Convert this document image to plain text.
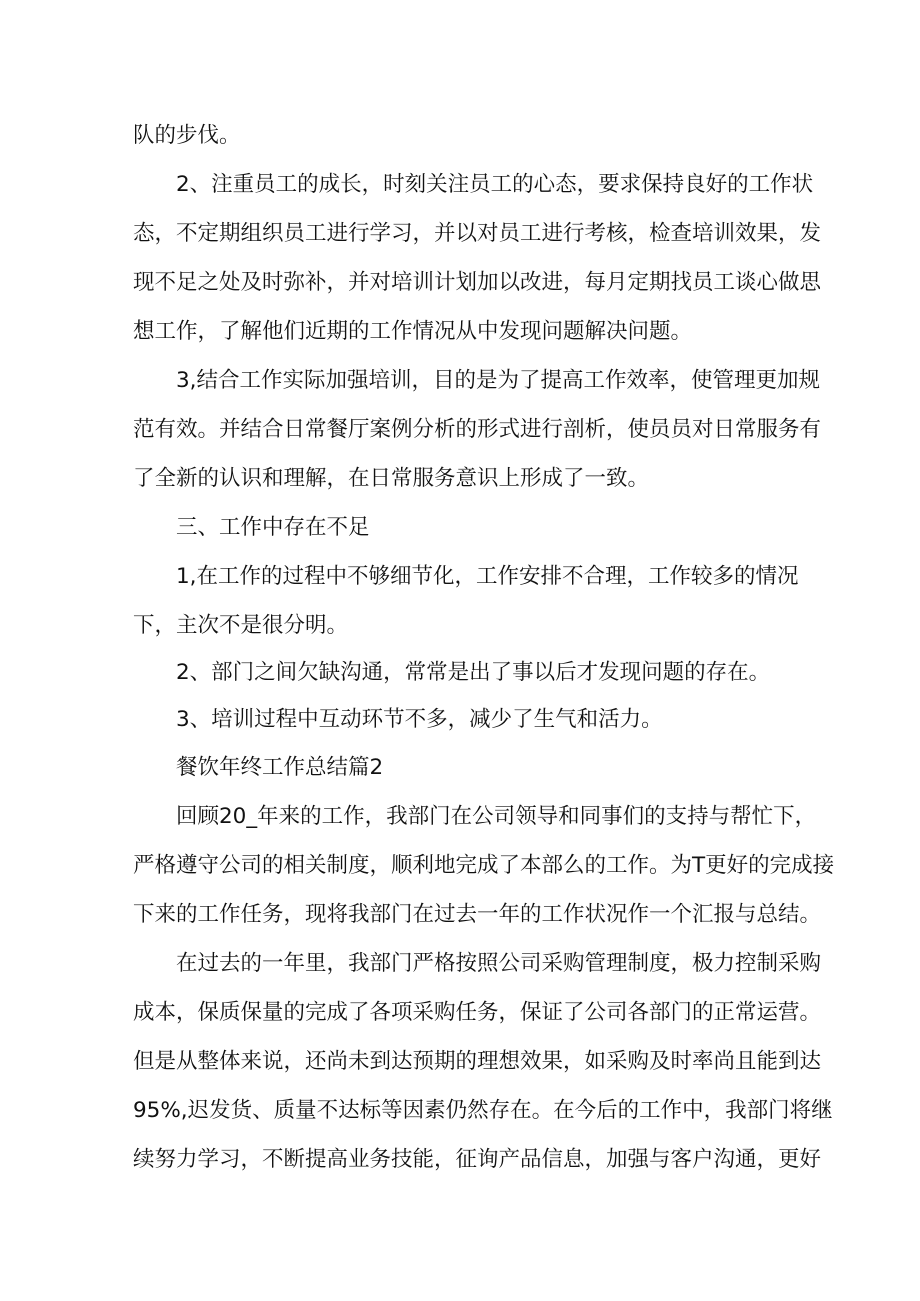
队的步伐。

2、注重员工的成长，时刻关注员工的心态，要求保持良好的工作状

态，不定期组织员工进行学习，并以对员工进行考核，检查培训效果，发

现不足之处及时弥补，并对培训计划加以改进，每月定期找员工谈心做思

想工作，了解他们近期的工作情况从中发现问题解决问题。

3,结合工作实际加强培训，目的是为了提高工作效率，使管理更加规

范有效。并结合日常餐厅案例分析的形式进行剖析，使员员对日常服务有

了全新的认识和理解，在日常服务意识上形成了一致。

三、工作中存在不足

1,在工作的过程中不够细节化，工作安排不合理，工作较多的情况

下，主次不是很分明。

2、部门之间欠缺沟通，常常是出了事以后才发现问题的存在。

3、培训过程中互动环节不多，减少了生气和活力。

餐饮年终工作总结篇2

回顾20_年来的工作，我部门在公司领导和同事们的支持与帮忙下，

严格遵守公司的相关制度，顺利地完成了本部么的工作。为T更好的完成接

下来的工作任务，现将我部门在过去一年的工作状况作一个汇报与总结。

在过去的一年里，我部门严格按照公司采购管理制度，极力控制采购

成本，保质保量的完成了各项采购任务，保证了公司各部门的正常运营。

但是从整体来说，还尚未到达预期的理想效果，如采购及时率尚且能到达

95%,迟发货、质量不达标等因素仍然存在。在今后的工作中，我部门将继

续努力学习，不断提高业务技能，征询产品信息，加强与客户沟通，更好
